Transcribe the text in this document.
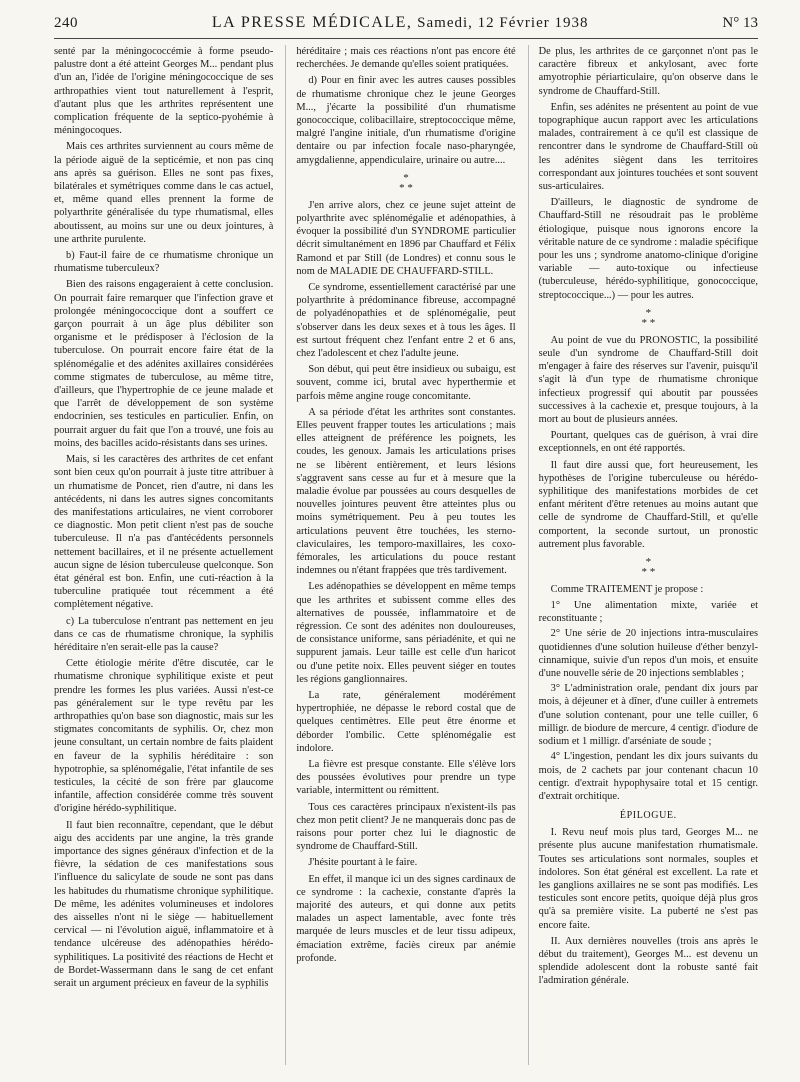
240	LA PRESSE MÉDICALE, Samedi, 12 Février 1938	N° 13

senté par la méningococcémie à forme pseudo-palustre dont a été atteint Georges M... pendant plus d'un an, l'idée de l'origine méningococcique de ses arthropathies vient tout naturellement à l'esprit, d'autant plus que les arthrites représentent une complication fréquente de la septico-pyohémie à méningocoques.

Mais ces arthrites surviennent au cours même de la période aiguë de la septicémie, et non pas cinq ans après sa guérison. Elles ne sont pas fixes, bilatérales et symétriques comme dans le cas actuel, et, même quand elles prennent la forme de polyarthrite généralisée du type rhumatismal, elles aboutissent, au moins sur une ou deux jointures, à une arthrite purulente.

b) Faut-il faire de ce rhumatisme chronique un rhumatisme tuberculeux?

Bien des raisons engageraient à cette conclusion. On pourrait faire remarquer que l'infection grave et prolongée méningococcique dont a souffert ce garçon pourrait à un âge plus débiliter son organisme et le prédisposer à l'éclosion de la tuberculose. On pourrait encore faire état de la splénomégalie et des adénites axillaires considérées comme stigmates de tuberculose, au même titre, d'ailleurs, que l'hypertrophie de ce jeune malade et que l'arrêt de développement de son système endocrinien, ses testicules en particulier. Enfin, on pourrait arguer du fait que l'on a trouvé, une fois au moins, des bacilles acido-résistants dans ses urines.

Mais, si les caractères des arthrites de cet enfant sont bien ceux qu'on pourrait à juste titre attribuer à un rhumatisme de Poncet, rien d'autre, ni dans les antécédents, ni dans les autres signes concomitants des manifestations articulaires, ne vient corroborer ce diagnostic. Mon petit client n'est pas de souche tuberculeuse. Il n'a pas d'antécédents personnels nettement bacillaires, et il ne présente actuellement aucun signe de lésion tuberculeuse quelconque. Son état général est bon. Enfin, une cuti-réaction à la tuberculine pratiquée tout récemment a été complètement négative.

c) La tuberculose n'entrant pas nettement en jeu dans ce cas de rhumatisme chronique, la syphilis héréditaire n'en serait-elle pas la cause?

Cette étiologie mérite d'être discutée, car le rhumatisme chronique syphilitique existe et peut prendre les formes les plus variées. Aussi n'est-ce pas généralement sur le type revêtu par les arthropathies qu'on base son diagnostic, mais sur les stigmates concomitants de syphilis. Or, chez mon jeune consultant, un certain nombre de faits plaident en faveur de la syphilis héréditaire : son hypotrophie, sa splénomégalie, l'état infantile de ses testicules, la cécité de son frère par glaucome infantile, affection considérée comme très souvent d'origine hérédo-syphilitique.

Il faut bien reconnaître, cependant, que le début aigu des accidents par une angine, la très grande importance des signes généraux d'infection et de la fièvre, la sédation de ces manifestations sous l'influence du salicylate de soude ne sont pas dans les habitudes du rhumatisme chronique syphilitique. De même, les adénites volumineuses et indolores des aisselles n'ont ni le siège — habituellement cervical — ni l'évolution aiguë, inflammatoire et à tendance ulcéreuse des adénopathies hérédo-syphilitiques. La positivité des réactions de Hecht et de Bordet-Wassermann dans le sang de cet enfant serait un argument précieux en faveur de la syphilis

héréditaire ; mais ces réactions n'ont pas encore été recherchées. Je demande qu'elles soient pratiquées.

d) Pour en finir avec les autres causes possibles de rhumatisme chronique chez le jeune Georges M..., j'écarte la possibilité d'un rhumatisme gonococcique, colibacillaire, streptococcique même, malgré l'angine initiale, d'un rhumatisme d'origine dentaire ou par infection focale naso-pharyngée, amygdalienne, appendiculaire, urinaire ou autre....

*
* *

J'en arrive alors, chez ce jeune sujet atteint de polyarthrite avec splénomégalie et adénopathies, à évoquer la possibilité d'un SYNDROME particulier décrit simultanément en 1896 par Chauffard et Félix Ramond et par Still (de Londres) et connu sous le nom de MALADIE DE CHAUFFARD-STILL.

Ce syndrome, essentiellement caractérisé par une polyarthrite à prédominance fibreuse, accompagné de polyadénopathies et de splénomégalie, peut s'observer dans les deux sexes et à tous les âges. Il est surtout fréquent chez l'enfant entre 2 et 6 ans, chez l'adolescent et chez l'adulte jeune.

Son début, qui peut être insidieux ou subaigu, est souvent, comme ici, brutal avec hyperthermie et parfois même angine rouge concomitante.

A sa période d'état les arthrites sont constantes. Elles peuvent frapper toutes les articulations ; mais elles atteignent de préférence les poignets, les coudes, les genoux. Jamais les articulations prises ne se libèrent entièrement, et leurs lésions s'aggravent sans cesse au fur et à mesure que la maladie évolue par poussées au cours desquelles de nouvelles jointures peuvent être atteintes plus ou moins symétriquement. Peu à peu toutes les articulations peuvent être touchées, les sterno-claviculaires, les temporo-maxillaires, les coxo-fémorales, les articulations du pouce restant indemnes ou n'étant frappées que très tardivement.

Les adénopathies se développent en même temps que les arthrites et subissent comme elles des alternatives de poussée, inflammatoire et de régression. Ce sont des adénites non douloureuses, de consistance uniforme, sans périadénite, et qui ne suppurent jamais. Leur taille est celle d'un haricot ou d'une petite noix. Elles peuvent siéger en toutes les régions ganglionnaires.

La rate, généralement modérément hypertrophiée, ne dépasse le rebord costal que de quelques centimètres. Elle peut être énorme et déborder l'ombilic. Cette splénomégalie est indolore.

La fièvre est presque constante. Elle s'élève lors des poussées évolutives pour prendre un type variable, intermittent ou rémittent.

Tous ces caractères principaux n'existent-ils pas chez mon petit client? Je ne manquerais donc pas de raisons pour porter chez lui le diagnostic de syndrome de Chauffard-Still.

J'hésite pourtant à le faire.

En effet, il manque ici un des signes cardinaux de ce syndrome : la cachexie, constante d'après la majorité des auteurs, et qui donne aux petits malades un aspect lamentable, avec fonte très marquée de leurs muscles et de leur tissu adipeux, émaciation extrême, faciès cireux par anémie profonde.

De plus, les arthrites de ce garçonnet n'ont pas le caractère fibreux et ankylosant, avec forte amyotrophie périarticulaire, qu'on observe dans le syndrome de Chauffard-Still.

Enfin, ses adénites ne présentent au point de vue topographique aucun rapport avec les articulations malades, contrairement à ce qu'il est classique de rencontrer dans le syndrome de Chauffard-Still où les adénites siègent dans les territoires correspondant aux jointures touchées et sont souvent sus-articulaires.

D'ailleurs, le diagnostic de syndrome de Chauffard-Still ne résoudrait pas le problème étiologique, puisque nous ignorons encore la véritable nature de ce syndrome : maladie spécifique pour les uns ; syndrome anatomo-clinique d'origine variable — auto-toxique ou infectieuse (tuberculeuse, hérédo-syphilitique, gonococcique, streptococcique...) — pour les autres.

*
* *

Au point de vue du PRONOSTIC, la possibilité seule d'un syndrome de Chauffard-Still doit m'engager à faire des réserves sur l'avenir, puisqu'il s'agit là d'un type de rhumatisme chronique infectieux progressif qui aboutit par poussées successives à la cachexie et, presque toujours, à la mort au bout de plusieurs années.

Pourtant, quelques cas de guérison, à vrai dire exceptionnels, en ont été rapportés.

Il faut dire aussi que, fort heureusement, les hypothèses de l'origine tuberculeuse ou hérédo-syphilitique des manifestations morbides de cet enfant méritent d'être retenues au moins autant que celle de syndrome de Chauffard-Still, et qu'elle comportent, la seconde surtout, un pronostic autrement plus favorable.

*
* *

Comme TRAITEMENT je propose :

1° Une alimentation mixte, variée et reconstituante ;
2° Une série de 20 injections intra-musculaires quotidiennes d'une solution huileuse d'éther benzyl-cinnamique, suivie d'un repos d'un mois, et ensuite d'une nouvelle série de 20 injections semblables ;
3° L'administration orale, pendant dix jours par mois, à déjeuner et à dîner, d'une cuiller à entremets d'une solution contenant, pour une telle cuiller, 6 milligr. de biodure de mercure, 4 centigr. d'iodure de sodium et 1 milligr. d'arséniate de soude ;
4° L'ingestion, pendant les dix jours suivants du mois, de 2 cachets par jour contenant chacun 10 centigr. d'extrait hypophysaire total et 15 centigr. d'extrait orchitique.
ÉPILOGUE.

I. Revu neuf mois plus tard, Georges M... ne présente plus aucune manifestation rhumatismale. Toutes ses articulations sont normales, souples et indolores. Son état général est excellent. La rate et les ganglions axillaires ne se sont pas modifiés. Les testicules sont encore petits, quoique déjà plus gros qu'à sa première visite. La puberté ne s'est pas encore faite.

II. Aux dernières nouvelles (trois ans après le début du traitement), Georges M... est devenu un splendide adolescent dont la robuste santé fait l'admiration générale.
